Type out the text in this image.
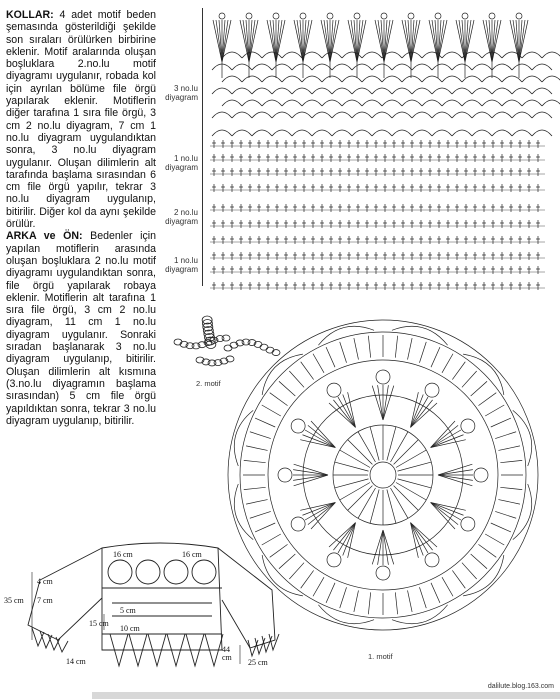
KOLLAR: 4 adet motif beden şemasında gösterildiği şekilde son sıraları örülürken birbirine eklenir. Motif aralarında oluşan boşluklara 2.no.lu motif diyagramı uygulanır, robada kol için ayrılan bölüme file örgü yapılarak eklenir. Motiflerin diğer tarafına 1 sıra file örgü, 3 cm 2 no.lu diyagram, 7 cm 1 no.lu diyagram uygulandıktan sonra, 3 no.lu diyagram uygulanır. Oluşan dilimlerin alt tarafında başlama sırasından 6 cm file örgü yapılır, tekrar 3 no.lu diyagram uygulanıp, bitirilir. Diğer kol da aynı şekilde örülür.

ARKA ve ÖN: Bedenler için yapılan motiflerin arasında oluşan boşluklara 2 no.lu motif diyagramı uygulandıktan sonra, file örgü yapılarak robaya eklenir. Motiflerin alt tarafına 1 sıra file örgü, 3 cm 2 no.lu diyagram, 11 cm 1 no.lu diyagram uygulanır. Sonraki sıradan başlanarak 3 no.lu diyagram uygulanıp, bitirilir. Oluşan dilimlerin alt kısmına (3.no.lu diyagramın başlama sırasından) 5 cm file örgü yapıldıktan sonra, tekrar 3 no.lu diyagram uygulanıp, bitirilir.

3 no.lu
diyagram
1 no.lu
diyagram
2 no.lu
diyagram
1 no.lu
diyagram
2. motif
1. motif
4 cm
7 cm
35 cm
16 cm	16 cm
5 cm
15 cm
10 cm
14 cm	25 cm
44 cm
dalilute.blog.163.com
